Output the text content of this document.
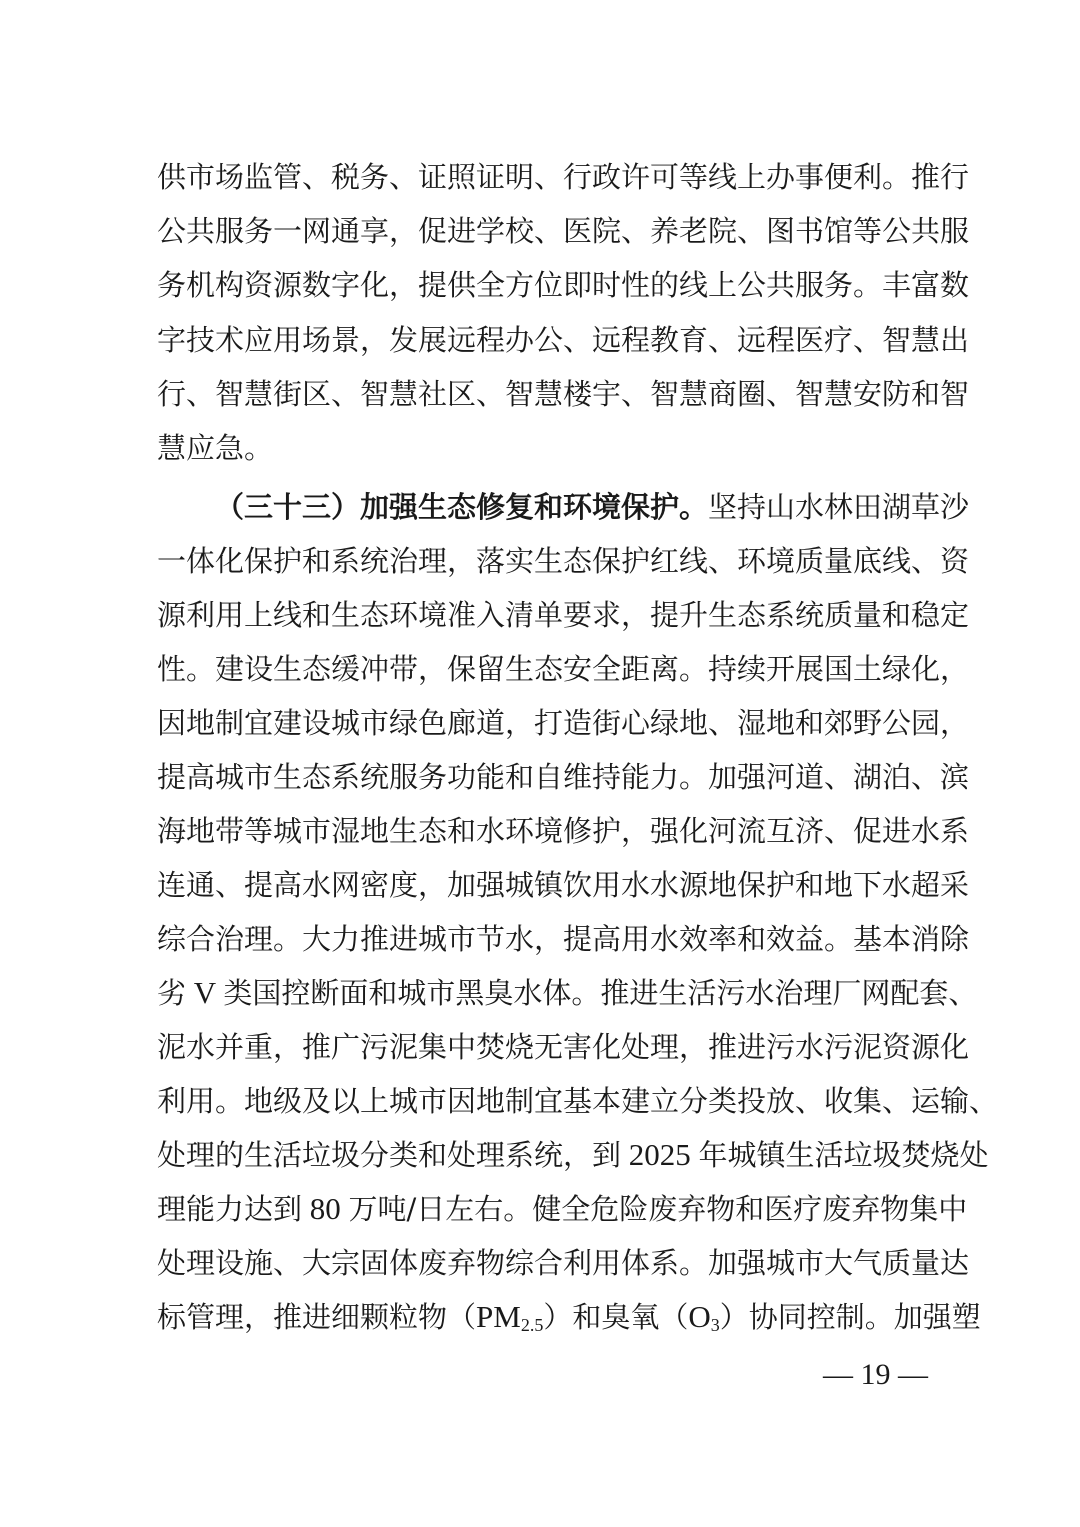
供市场监管、税务、证照证明、行政许可等线上办事便利。推行
公共服务一网通享，促进学校、医院、养老院、图书馆等公共服
务机构资源数字化，提供全方位即时性的线上公共服务。丰富数
字技术应用场景，发展远程办公、远程教育、远程医疗、智慧出
行、智慧街区、智慧社区、智慧楼宇、智慧商圈、智慧安防和智
慧应急。
（三十三）加强生态修复和环境保护。坚持山水林田湖草沙
一体化保护和系统治理，落实生态保护红线、环境质量底线、资
源利用上线和生态环境准入清单要求，提升生态系统质量和稳定
性。建设生态缓冲带，保留生态安全距离。持续开展国土绿化，
因地制宜建设城市绿色廊道，打造街心绿地、湿地和郊野公园，
提高城市生态系统服务功能和自维持能力。加强河道、湖泊、滨
海地带等城市湿地生态和水环境修护，强化河流互济、促进水系
连通、提高水网密度，加强城镇饮用水水源地保护和地下水超采
综合治理。大力推进城市节水，提高用水效率和效益。基本消除
劣 V 类国控断面和城市黑臭水体。推进生活污水治理厂网配套、
泥水并重，推广污泥集中焚烧无害化处理，推进污水污泥资源化
利用。地级及以上城市因地制宜基本建立分类投放、收集、运输、
处理的生活垃圾分类和处理系统，到 2025 年城镇生活垃圾焚烧处
理能力达到 80 万吨/日左右。健全危险废弃物和医疗废弃物集中
处理设施、大宗固体废弃物综合利用体系。加强城市大气质量达
标管理，推进细颗粒物$(PM_{2.5})$和臭氧$(O_3)$协同控制。加强塑
— 19 —
